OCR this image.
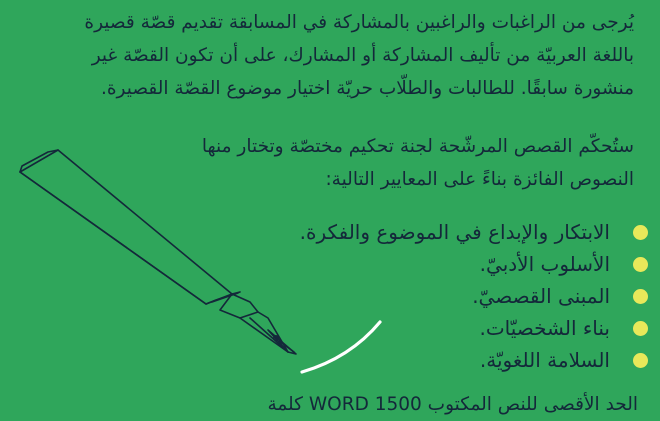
يُرجى من الراغبات والراغبين بالمشاركة في المسابقة تقديم قصّة قصيرة
باللغة العربيّة من تأليف المشاركة أو المشارك، على أن تكون القصّة غير
منشورة سابقًا. للطالبات والطلّاب حريّة اختيار موضوع القصّة القصيرة.
ستُحكّم القصص المرشّحة لجنة تحكيم مختصّة وتختار منها
النصوص الفائزة بناءً على المعايير التالية:
الابتكار والإبداع في الموضوع والفكرة.
الأسلوب الأدبيّ.
المبنى القصصيّ.
بناء الشخصيّات.
السلامة اللغويّة.
الحد الأقصى للنص المكتوب WORD 1500 كلمة
